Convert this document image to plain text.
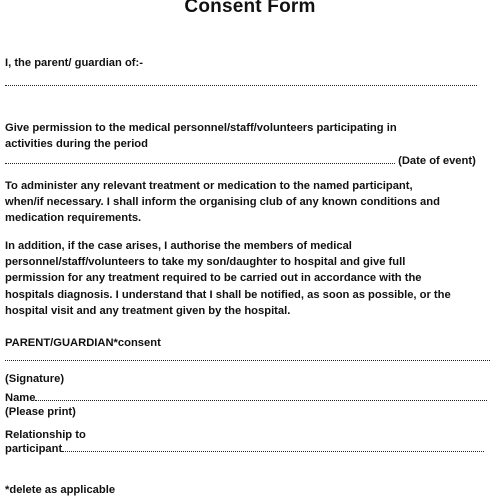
Consent Form
I, the parent/ guardian of:-
Give permission to the medical personnel/staff/volunteers participating in
activities during the period
(Date of event)
To administer any relevant treatment or medication to the named participant,
when/if necessary. I shall inform the organising club of any known conditions and
medication requirements.
In addition, if the case arises, I authorise the members of medical
personnel/staff/volunteers to take my son/daughter to hospital and give full
permission for any treatment required to be carried out in accordance with the
hospitals diagnosis. I understand that I shall be notified, as soon as possible, or the
hospital visit and any treatment given by the hospital.
PARENT/GUARDIAN*consent
(Signature)
Name
(Please print)
Relationship to
participant
*delete as applicable
